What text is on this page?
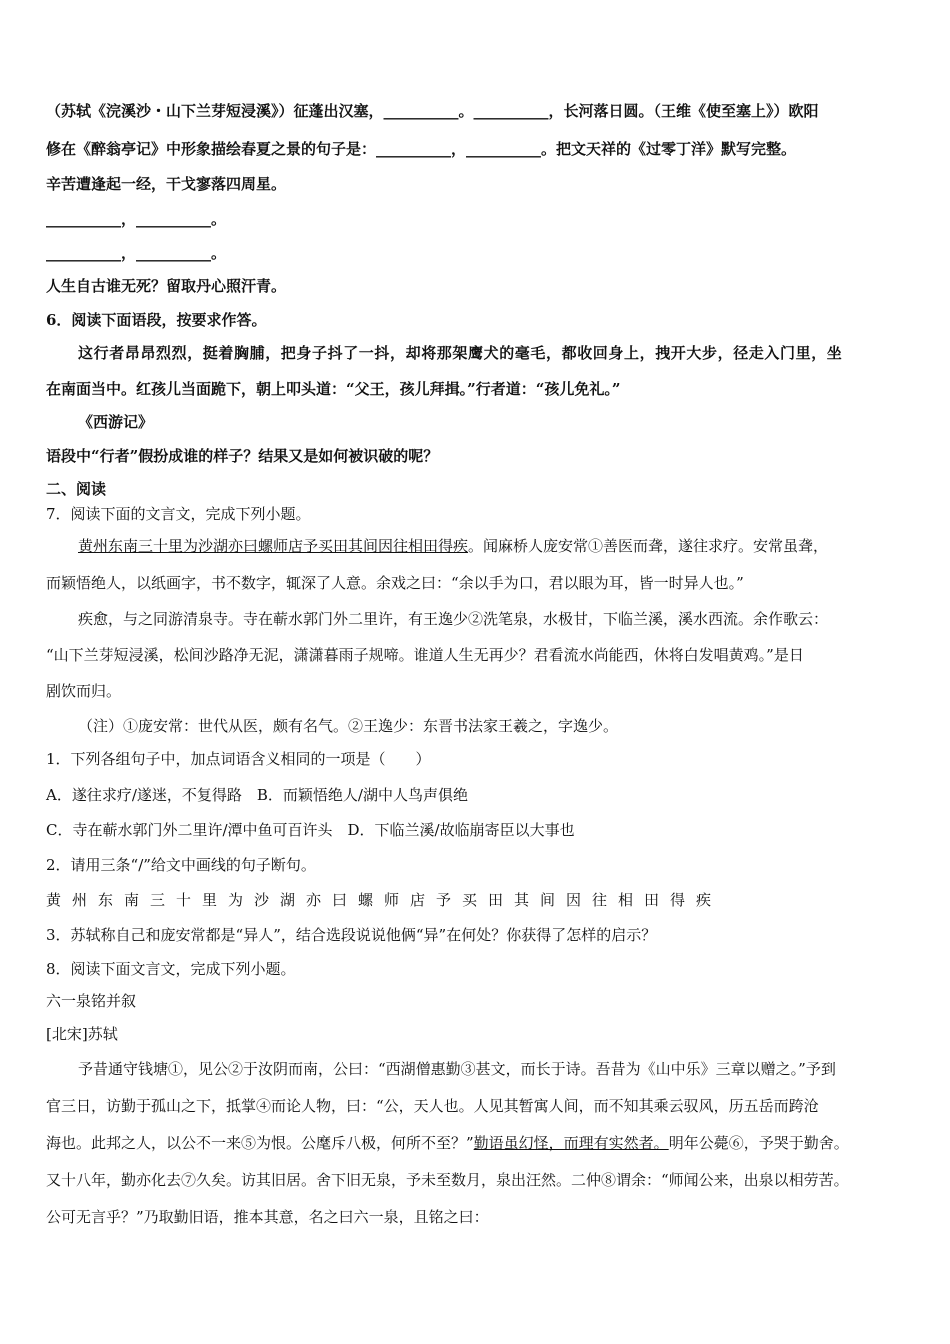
（苏轼《浣溪沙・山下兰芽短浸溪》）征蓬出汉塞，__________。__________，长河落日圆。（王维《使至塞上》）欧阳
修在《醉翁亭记》中形象描绘春夏之景的句子是：__________，__________。把文天祥的《过零丁洋》默写完整。
辛苦遭逢起一经，干戈寥落四周星。
__________，__________。
__________，__________。
人生自古谁无死？留取丹心照汗青。
6．阅读下面语段，按要求作答。
这行者昂昂烈烈，挺着胸脯，把身子抖了一抖，却将那架鹰犬的毫毛，都收回身上，拽开大步，径走入门里，坐
在南面当中。红孩儿当面跪下，朝上叩头道：“父王，孩儿拜揖。”行者道：“孩儿免礼。”
《西游记》
语段中“行者”假扮成谁的样子？结果又是如何被识破的呢？
二、阅读
7．阅读下面的文言文，完成下列小题。
黄州东南三十里为沙湖亦曰螺师店予买田其间因往相田得疾。闻麻桥人庞安常①善医而聋，遂往求疗。安常虽聋，
而颖悟绝人，以纸画字，书不数字，辄深了人意。余戏之曰：“余以手为口，君以眼为耳，皆一时异人也。”
疾愈，与之同游清泉寺。寺在蕲水郭门外二里许，有王逸少②洗笔泉，水极甘，下临兰溪，溪水西流。余作歌云：
“山下兰芽短浸溪，松间沙路净无泥，潇潇暮雨子规啼。谁道人生无再少？君看流水尚能西，休将白发唱黄鸡。”是日
剧饮而归。
（注）①庞安常：世代从医，颇有名气。②王逸少：东晋书法家王羲之，字逸少。
1．下列各组句子中，加点词语含义相同的一项是（　　）
A．遂往求疗/遂迷，不复得路　B．而颖悟绝人/湖中人鸟声俱绝
C．寺在蕲水郭门外二里许/潭中鱼可百许头　D．下临兰溪/故临崩寄臣以大事也
2．请用三条“/”给文中画线的句子断句。
黄州东南三十里为沙湖亦曰螺师店予买田其间因往相田得疾
3．苏轼称自己和庞安常都是“异人”，结合选段说说他俩“异”在何处？你获得了怎样的启示？
8．阅读下面文言文，完成下列小题。
六一泉铭并叙
[北宋]苏轼
予昔通守钱塘①，见公②于汝阴而南，公曰：“西湖僧惠勤③甚文，而长于诗。吾昔为《山中乐》三章以赠之。”予到
官三日，访勤于孤山之下，抵掌④而论人物，曰：“公，天人也。人见其暂寓人间，而不知其乘云驭风，历五岳而跨沧
海也。此邦之人，以公不一来⑤为恨。公麾斥八极，何所不至？”勤语虽幻怪，而理有实然者。明年公薨⑥，予哭于勤舍。
又十八年，勤亦化去⑦久矣。访其旧居。舍下旧无泉，予未至数月，泉出汪然。二仲⑧谓余：“师闻公来，出泉以相劳苦。
公可无言乎？”乃取勤旧语，推本其意，名之曰六一泉，且铭之曰：
